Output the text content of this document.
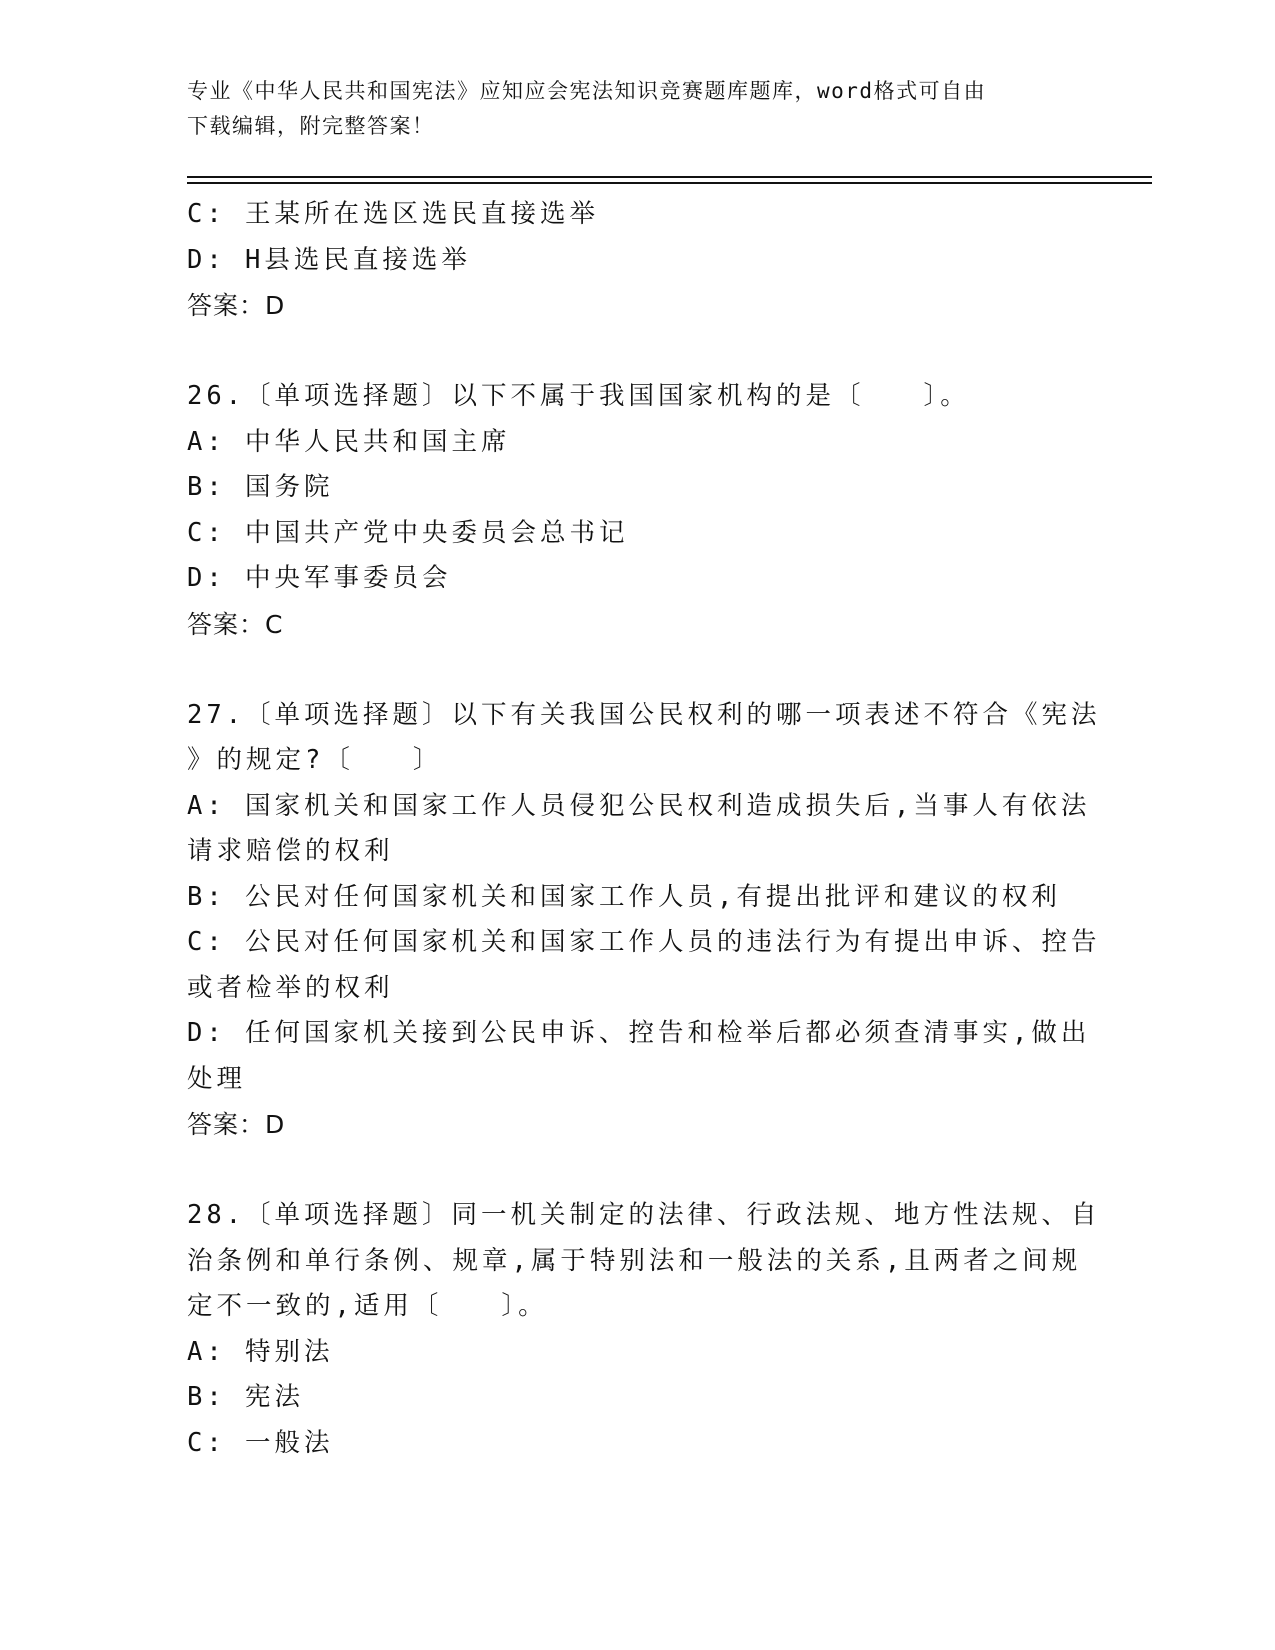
专业《中华人民共和国宪法》应知应会宪法知识竞赛题库题库，word格式可自由
下载编辑，附完整答案！
C: 王某所在选区选民直接选举
D: H县选民直接选举
答案：D
26.〔单项选择题〕以下不属于我国国家机构的是〔　　〕。
A: 中华人民共和国主席
B: 国务院
C: 中国共产党中央委员会总书记
D: 中央军事委员会
答案：C
27.〔单项选择题〕以下有关我国公民权利的哪一项表述不符合《宪法
》的规定?〔　　〕
A: 国家机关和国家工作人员侵犯公民权利造成损失后,当事人有依法
请求赔偿的权利
B: 公民对任何国家机关和国家工作人员,有提出批评和建议的权利
C: 公民对任何国家机关和国家工作人员的违法行为有提出申诉、控告
或者检举的权利
D: 任何国家机关接到公民申诉、控告和检举后都必须查清事实,做出
处理
答案：D
28.〔单项选择题〕同一机关制定的法律、行政法规、地方性法规、自
治条例和单行条例、规章,属于特别法和一般法的关系,且两者之间规
定不一致的,适用〔　　〕。
A: 特别法
B: 宪法
C: 一般法
